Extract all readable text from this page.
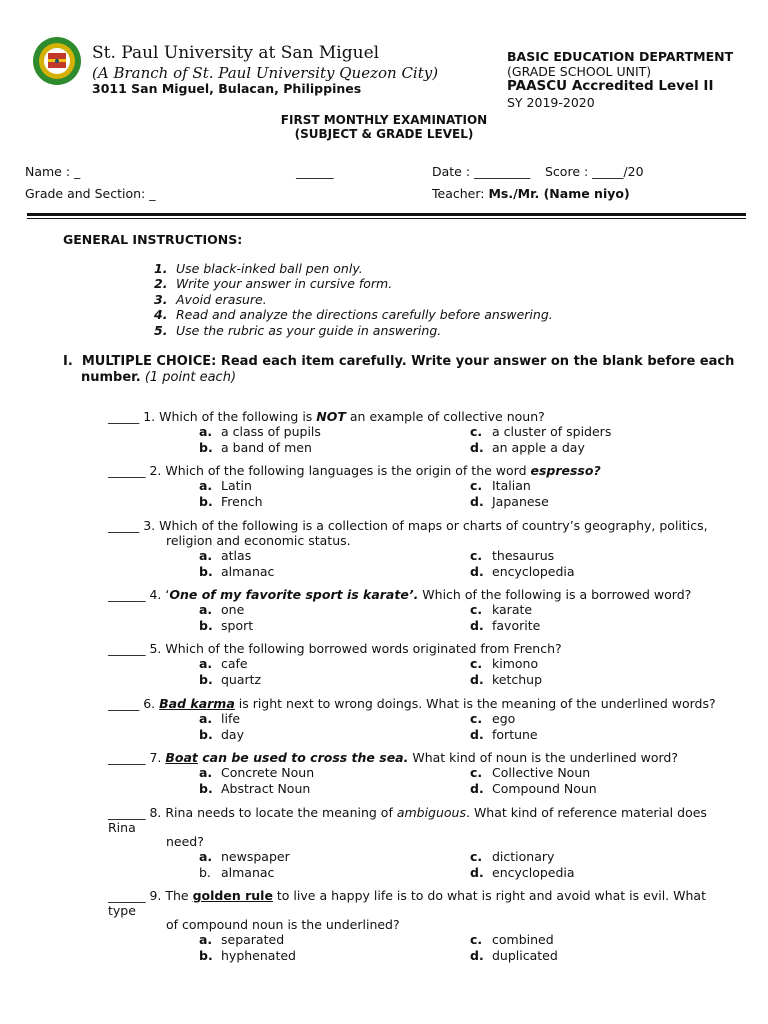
St. Paul University at San Miguel
(A Branch of St. Paul University Quezon City)
3011 San Miguel, Bulacan, Philippines
BASIC EDUCATION DEPARTMENT
(GRADE SCHOOL UNIT)
PAASCU Accredited Level II
SY 2019-2020
FIRST MONTHLY EXAMINATION
(SUBJECT & GRADE LEVEL)
Name : _	______	Date : _________ Score : _____/20
Grade and Section: _	Teacher: Ms./Mr. (Name niyo)
GENERAL INSTRUCTIONS:
1. Use black-inked ball pen only.
2. Write your answer in cursive form.
3. Avoid erasure.
4. Read and analyze the directions carefully before answering.
5. Use the rubric as your guide in answering.
I. MULTIPLE CHOICE: Read each item carefully. Write your answer on the blank before each
number. (1 point each)
_____ 1. Which of the following is NOT an example of collective noun?
a. a class of pupils	c. a cluster of spiders
b. a band of men	d. an apple a day
______ 2. Which of the following languages is the origin of the word espresso?
a. Latin	c. Italian
b. French	d. Japanese
_____ 3. Which of the following is a collection of maps or charts of country’s geography, politics,
religion and economic status.
a. atlas	c. thesaurus
b. almanac	d. encyclopedia
______ 4. ‘One of my favorite sport is karate’. Which of the following is a borrowed word?
a. one	c. karate
b. sport	d. favorite
______ 5. Which of the following borrowed words originated from French?
a. cafe	c. kimono
b. quartz	d. ketchup
_____ 6. Bad karma is right next to wrong doings. What is the meaning of the underlined words?
a. life	c. ego
b. day	d. fortune
______ 7. Boat can be used to cross the sea. What kind of noun is the underlined word?
a. Concrete Noun	c. Collective Noun
b. Abstract Noun	d. Compound Noun
______ 8. Rina needs to locate the meaning of ambiguous. What kind of reference material does
Rina
need?
a. newspaper	c. dictionary
b. almanac	d. encyclopedia
______ 9. The golden rule to live a happy life is to do what is right and avoid what is evil. What
type
of compound noun is the underlined?
a. separated	c. combined
b. hyphenated	d. duplicated
